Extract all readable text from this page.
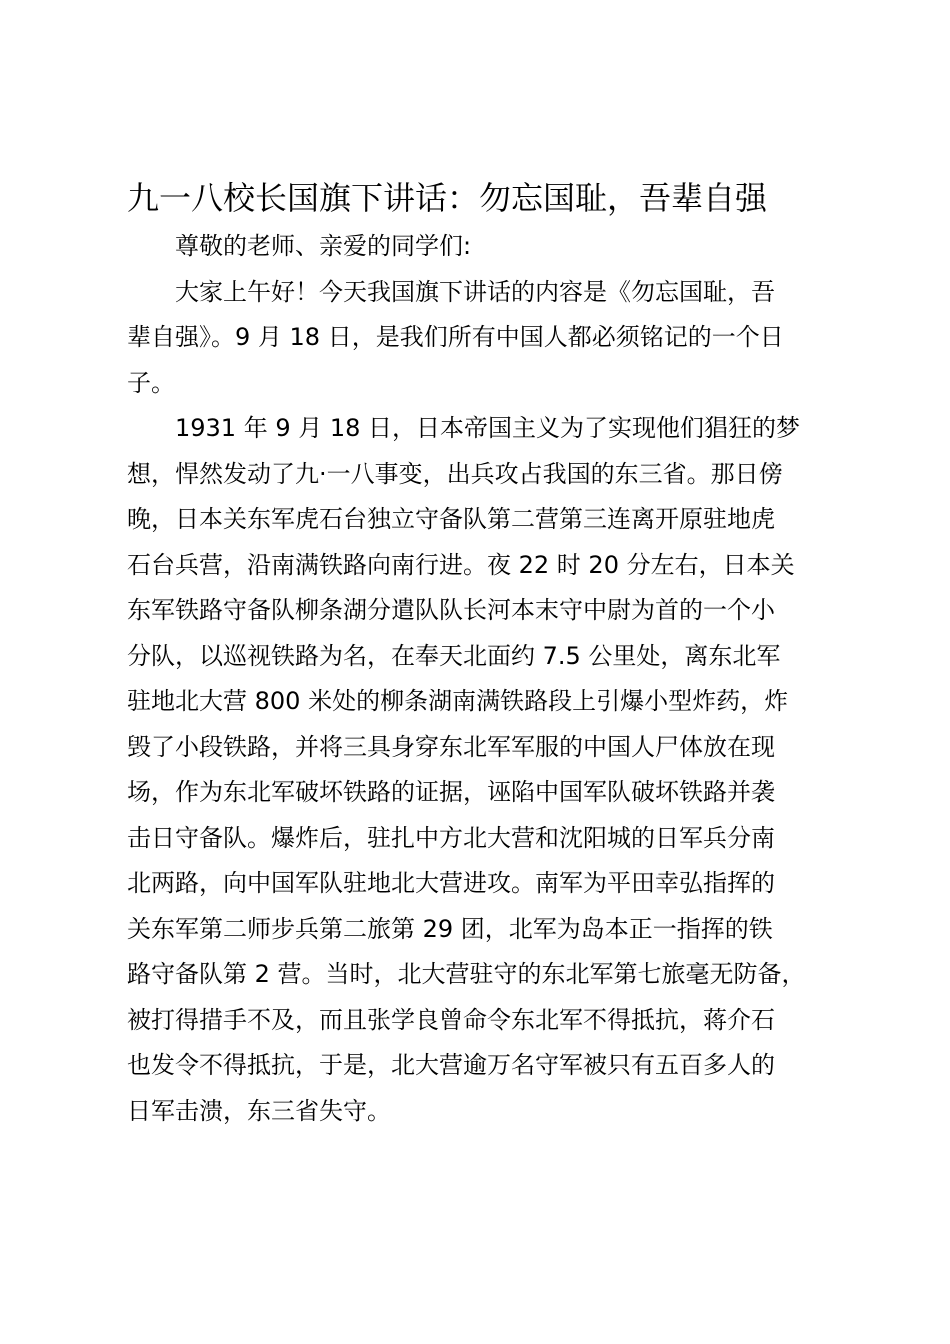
九一八校长国旗下讲话：勿忘国耻，吾辈自强

尊敬的老师、亲爱的同学们:

大家上午好！今天我国旗下讲话的内容是《勿忘国耻，吾
辈自强》。9 月 18 日，是我们所有中国人都必须铭记的一个日
子。

1931 年 9 月 18 日，日本帝国主义为了实现他们猖狂的梦
想，悍然发动了九·一八事变，出兵攻占我国的东三省。那日傍
晚，日本关东军虎石台独立守备队第二营第三连离开原驻地虎
石台兵营，沿南满铁路向南行进。夜 22 时 20 分左右，日本关
东军铁路守备队柳条湖分遣队队长河本末守中尉为首的一个小
分队，以巡视铁路为名，在奉天北面约 7.5 公里处，离东北军
驻地北大营 800 米处的柳条湖南满铁路段上引爆小型炸药，炸
毁了小段铁路，并将三具身穿东北军军服的中国人尸体放在现
场，作为东北军破坏铁路的证据，诬陷中国军队破坏铁路并袭
击日守备队。爆炸后，驻扎中方北大营和沈阳城的日军兵分南
北两路，向中国军队驻地北大营进攻。南军为平田幸弘指挥的
关东军第二师步兵第二旅第 29 团，北军为岛本正一指挥的铁
路守备队第 2 营。当时，北大营驻守的东北军第七旅毫无防备，
被打得措手不及，而且张学良曾命令东北军不得抵抗，蒋介石
也发令不得抵抗，于是，北大营逾万名守军被只有五百多人的
日军击溃，东三省失守。
